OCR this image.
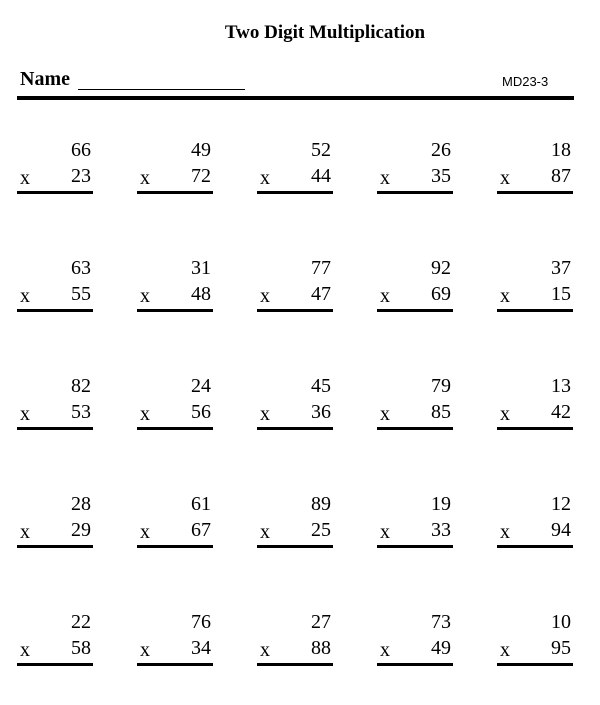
Two Digit Multiplication
Name	MD23-3
66
x 23
49
x 72
52
x 44
26
x 35
18
x 87
63
x 55
31
x 48
77
x 47
92
x 69
37
x 15
82
x 53
24
x 56
45
x 36
79
x 85
13
x 42
28
x 29
61
x 67
89
x 25
19
x 33
12
x 94
22
x 58
76
x 34
27
x 88
73
x 49
10
x 95
